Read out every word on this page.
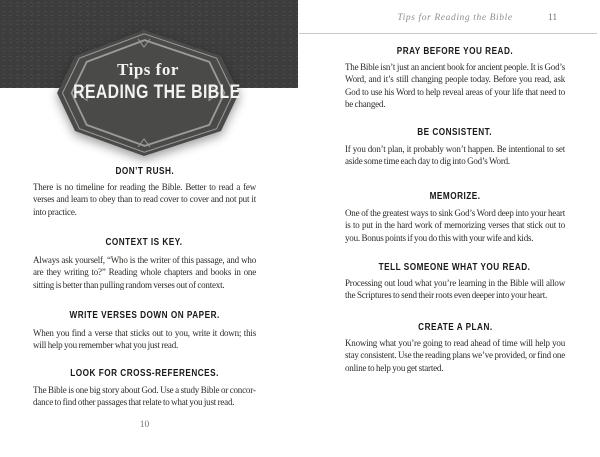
Tips for
READING THE BIBLE
DON’T RUSH.
There is no timeline for reading the Bible. Better to read a few verses and learn to obey than to read cover to cover and not put it into practice.
CONTEXT IS KEY.
Always ask yourself, “Who is the writer of this passage, and who are they writing to?” Reading whole chapters and books in one sitting is better than pulling random verses out of context.
WRITE VERSES DOWN ON PAPER.
When you find a verse that sticks out to you, write it down; this will help you remember what you just read.
LOOK FOR CROSS-REFERENCES.
The Bible is one big story about God. Use a study Bible or concordance to find other passages that relate to what you just read.
10
Tips for Reading the Bible	11
PRAY BEFORE YOU READ.
The Bible isn’t just an ancient book for ancient people. It is God’s Word, and it’s still changing people today. Before you read, ask God to use his Word to help reveal areas of your life that need to be changed.
BE CONSISTENT.
If you don’t plan, it probably won’t happen. Be intentional to set aside some time each day to dig into God’s Word.
MEMORIZE.
One of the greatest ways to sink God’s Word deep into your heart is to put in the hard work of memorizing verses that stick out to you. Bonus points if you do this with your wife and kids.
TELL SOMEONE WHAT YOU READ.
Processing out loud what you’re learning in the Bible will allow the Scriptures to send their roots even deeper into your heart.
CREATE A PLAN.
Knowing what you’re going to read ahead of time will help you stay consistent. Use the reading plans we’ve provided, or find one online to help you get started.
